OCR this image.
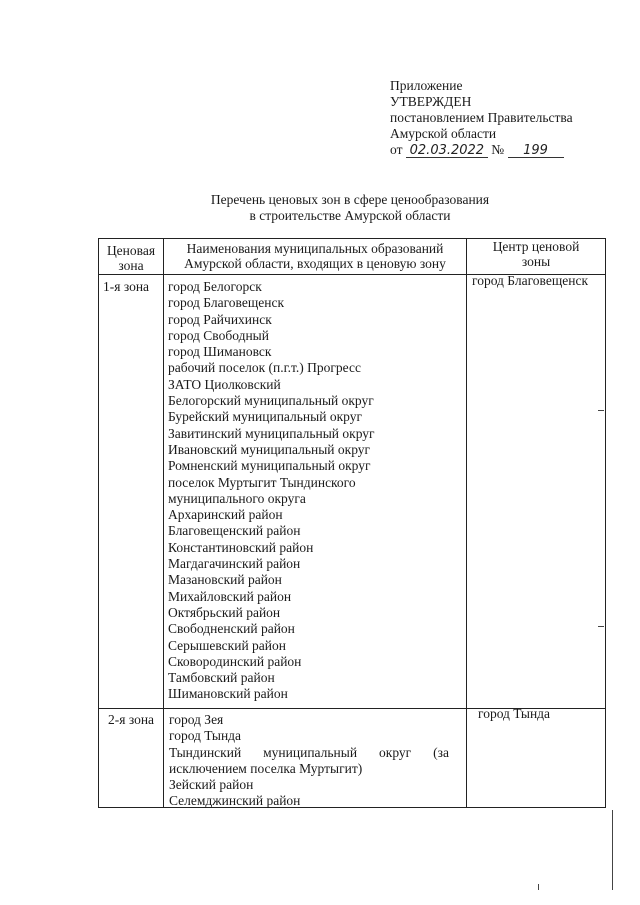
Приложение
УТВЕРЖДЕН
постановлением Правительства
Амурской области
от 02.03.2022 № 199
Перечень ценовых зон в сфере ценообразования
в строительстве Амурской области
Ценовая
зона
Наименования муниципальных образований
Амурской области, входящих в ценовую зону
Центр ценовой
зоны
1-я зона город Белогорск
город Благовещенск
город Райчихинск
город Свободный
город Шимановск
рабочий поселок (п.г.т.) Прогресс
ЗАТО Циолковский
Белогорский муниципальный округ
Бурейский муниципальный округ
Завитинский муниципальный округ
Ивановский муниципальный округ
Ромненский муниципальный округ
поселок Муртыгит Тындинского
муниципального округа
Архаринский район
Благовещенский район
Константиновский район
Магдагачинский район
Мазановский район
Михайловский район
Октябрьский район
Свободненский район
Серышевский район
Сковородинский район
Тамбовский район
Шимановский район
город Благовещенск
2-я зона город Зея
город Тында
Тындинский муниципальный округ (за
исключением поселка Муртыгит)
Зейский район
Селемджинский район
город Тында
